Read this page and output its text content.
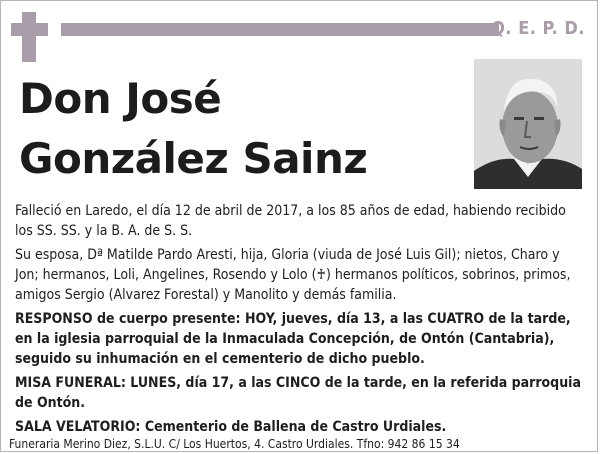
Q. E. P. D.
Don José
González Sainz

Falleció en Laredo, el día 12 de abril de 2017, a los 85 años de edad, habiendo recibido los SS. SS. y la B. A. de S. S.

Su esposa, Dª Matilde Pardo Aresti, hija, Gloria (viuda de José Luis Gil); nietos, Charo y Jon; hermanos, Loli, Angelines, Rosendo y Lolo (♰) hermanos políticos, sobrinos, primos, amigos Sergio (Alvarez Forestal) y Manolito y demás familia.

RESPONSO de cuerpo presente: HOY, jueves, día 13, a las CUATRO de la tarde, en la iglesia parroquial de la Inmaculada Concepción, de Ontón (Cantabria), seguido su inhumación en el cementerio de dicho pueblo.

MISA FUNERAL: LUNES, día 17, a las CINCO de la tarde, en la referida parroquia de Ontón.

SALA VELATORIO: Cementerio de Ballena de Castro Urdiales.

Funeraria Merino Diez, S.L.U. C/ Los Huertos, 4. Castro Urdiales. Tfno: 942 86 15 34
